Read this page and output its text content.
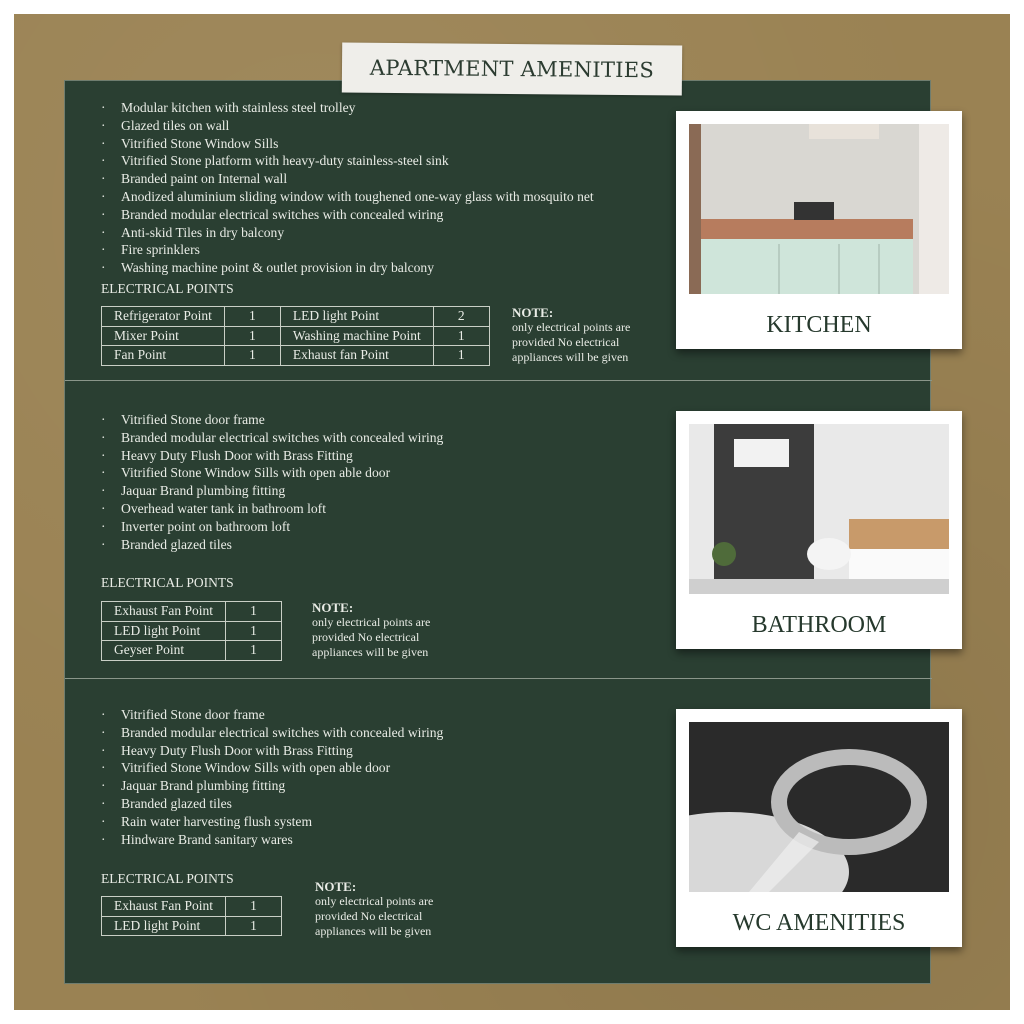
· Modular kitchen with stainless steel trolley
· Glazed tiles on wall
· Vitrified Stone Window Sills
· Vitrified Stone platform with heavy-duty stainless-steel sink
· Branded paint on Internal wall
· Anodized aluminium sliding window with toughened one-way glass with mosquito net
· Branded modular electrical switches with concealed wiring
· Anti-skid Tiles in dry balcony
· Fire sprinklers
· Washing machine point & outlet provision in dry balcony
ELECTRICAL POINTS
Refrigerator Point	1	LED light Point	2
Mixer Point	1	Washing machine Point	1
Fan Point	1	Exhaust fan Point	1
NOTE:
only electrical points are provided No electrical appliances will be given
KITCHEN
· Vitrified Stone door frame
· Branded modular electrical switches with concealed wiring
· Heavy Duty Flush Door with Brass Fitting
· Vitrified Stone Window Sills with open able door
· Jaquar Brand plumbing fitting
· Overhead water tank in bathroom loft
· Inverter point on bathroom loft
· Branded glazed tiles
ELECTRICAL POINTS
Exhaust Fan Point	1
LED light Point	1
Geyser Point	1
NOTE:
only electrical points are provided No electrical appliances will be given
BATHROOM
· Vitrified Stone door frame
· Branded modular electrical switches with concealed wiring
· Heavy Duty Flush Door with Brass Fitting
· Vitrified Stone Window Sills with open able door
· Jaquar Brand plumbing fitting
· Branded glazed tiles
· Rain water harvesting flush system
· Hindware Brand sanitary wares
ELECTRICAL POINTS
Exhaust Fan Point	1
LED light Point	1
NOTE:
only electrical points are provided No electrical appliances will be given	WC AMENITIES
APARTMENT AMENITIES
